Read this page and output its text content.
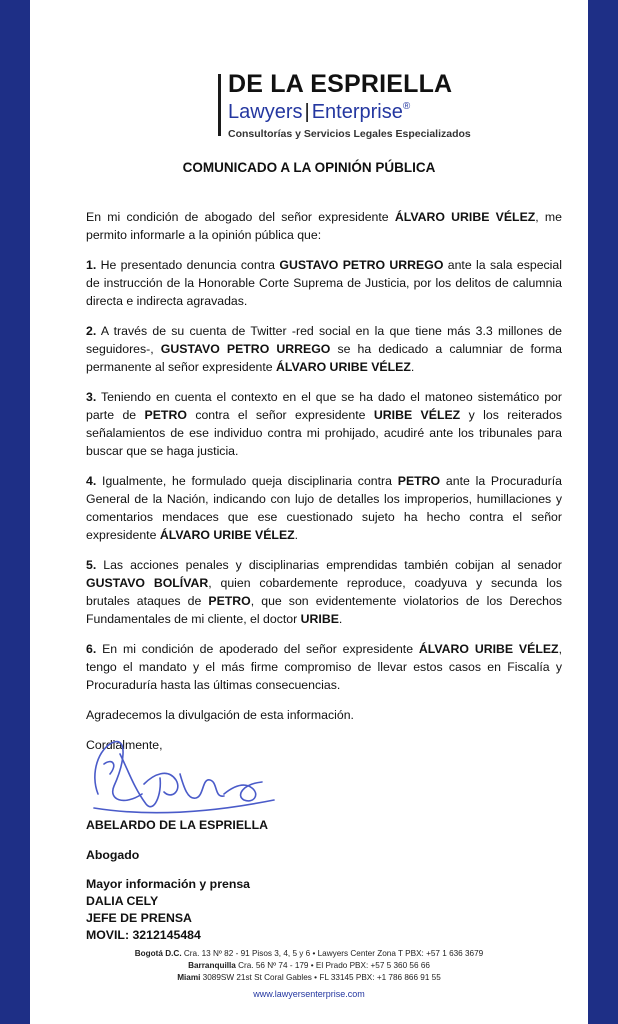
DE LA ESPRIELLA
Lawyers | Enterprise®
Consultorías y Servicios Legales Especializados
COMUNICADO A LA OPINIÓN PÚBLICA

En mi condición de abogado del señor expresidente ÁLVARO URIBE VÉLEZ, me permito informarle a la opinión pública que:

1. He presentado denuncia contra GUSTAVO PETRO URREGO ante la sala especial de instrucción de la Honorable Corte Suprema de Justicia, por los delitos de calumnia directa e indirecta agravadas.

2. A través de su cuenta de Twitter -red social en la que tiene más 3.3 millones de seguidores-, GUSTAVO PETRO URREGO se ha dedicado a calumniar de forma permanente al señor expresidente ÁLVARO URIBE VÉLEZ.

3. Teniendo en cuenta el contexto en el que se ha dado el matoneo sistemático por parte de PETRO contra el señor expresidente URIBE VÉLEZ y los reiterados señalamientos de ese individuo contra mi prohijado, acudiré ante los tribunales para buscar que se haga justicia.

4. Igualmente, he formulado queja disciplinaria contra PETRO ante la Procuraduría General de la Nación, indicando con lujo de detalles los improperios, humillaciones y comentarios mendaces que ese cuestionado sujeto ha hecho contra el señor expresidente ÁLVARO URIBE VÉLEZ.

5. Las acciones penales y disciplinarias emprendidas también cobijan al senador GUSTAVO BOLÍVAR, quien cobardemente reproduce, coadyuva y secunda los brutales ataques de PETRO, que son evidentemente violatorios de los Derechos Fundamentales de mi cliente, el doctor URIBE.

6. En mi condición de apoderado del señor expresidente ÁLVARO URIBE VÉLEZ, tengo el mandato y el más firme compromiso de llevar estos casos en Fiscalía y Procuraduría hasta las últimas consecuencias.

Agradecemos la divulgación de esta información.

Cordialmente,

ABELARDO DE LA ESPRIELLA

Abogado

Mayor información y prensa

DALIA CELY

JEFE DE PRENSA

MOVIL: 3212145484

Bogotá D.C. Cra. 13 Nº 82 - 91 Pisos 3, 4, 5 y 6 • Lawyers Center Zona T PBX: +57 1 636 3679
Barranquilla Cra. 56 Nº 74 - 179 • El Prado PBX: +57 5 360 56 66
Miami 3089SW 21st St Coral Gables • FL 33145 PBX: +1 786 866 91 55
www.lawyersenterprise.com
